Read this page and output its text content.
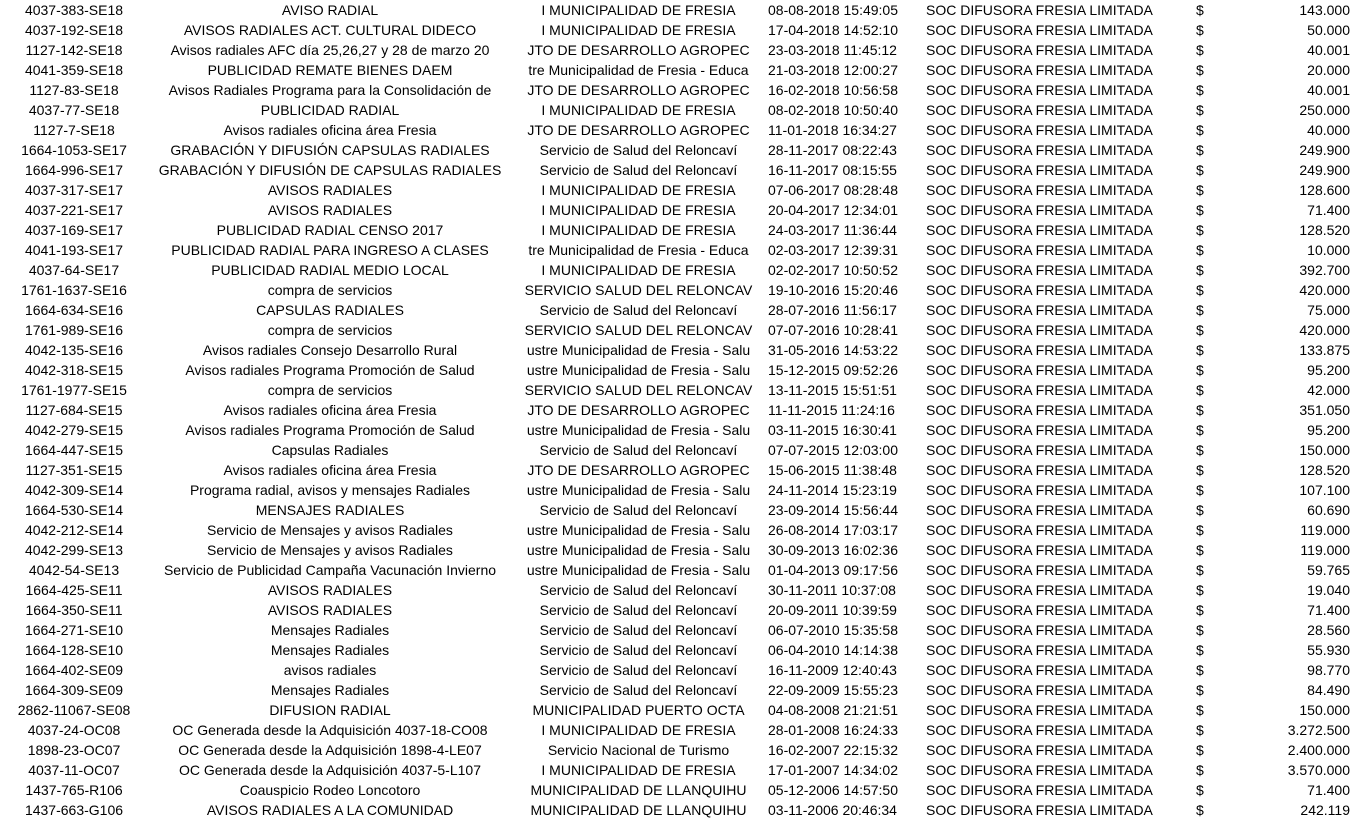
4037-383-SE18	AVISO RADIAL	I MUNICIPALIDAD DE FRESIA	08-08-2018 15:49:05	SOC DIFUSORA FRESIA LIMITADA	$	143.000
4037-192-SE18	AVISOS RADIALES ACT. CULTURAL DIDECO	I MUNICIPALIDAD DE FRESIA	17-04-2018 14:52:10	SOC DIFUSORA FRESIA LIMITADA	$	50.000
1127-142-SE18	Avisos radiales AFC día 25,26,27 y 28 de marzo 20	JTO DE DESARROLLO AGROPEC	23-03-2018 11:45:12	SOC DIFUSORA FRESIA LIMITADA	$	40.001
4041-359-SE18	PUBLICIDAD REMATE BIENES DAEM	tre Municipalidad de Fresia - Educa	21-03-2018 12:00:27	SOC DIFUSORA FRESIA LIMITADA	$	20.000
1127-83-SE18	Avisos Radiales Programa para la Consolidación de	JTO DE DESARROLLO AGROPEC	16-02-2018 10:56:58	SOC DIFUSORA FRESIA LIMITADA	$	40.001
4037-77-SE18	PUBLICIDAD RADIAL	I MUNICIPALIDAD DE FRESIA	08-02-2018 10:50:40	SOC DIFUSORA FRESIA LIMITADA	$	250.000
1127-7-SE18	Avisos radiales oficina área Fresia	JTO DE DESARROLLO AGROPEC	11-01-2018 16:34:27	SOC DIFUSORA FRESIA LIMITADA	$	40.000
1664-1053-SE17	GRABACIÓN Y DIFUSIÓN CAPSULAS RADIALES	Servicio de Salud del Reloncaví	28-11-2017 08:22:43	SOC DIFUSORA FRESIA LIMITADA	$	249.900
1664-996-SE17	GRABACIÓN Y DIFUSIÓN DE CAPSULAS RADIALES	Servicio de Salud del Reloncaví	16-11-2017 08:15:55	SOC DIFUSORA FRESIA LIMITADA	$	249.900
4037-317-SE17	AVISOS RADIALES	I MUNICIPALIDAD DE FRESIA	07-06-2017 08:28:48	SOC DIFUSORA FRESIA LIMITADA	$	128.600
4037-221-SE17	AVISOS RADIALES	I MUNICIPALIDAD DE FRESIA	20-04-2017 12:34:01	SOC DIFUSORA FRESIA LIMITADA	$	71.400
4037-169-SE17	PUBLICIDAD RADIAL CENSO 2017	I MUNICIPALIDAD DE FRESIA	24-03-2017 11:36:44	SOC DIFUSORA FRESIA LIMITADA	$	128.520
4041-193-SE17	PUBLICIDAD RADIAL PARA INGRESO A CLASES	tre Municipalidad de Fresia - Educa	02-03-2017 12:39:31	SOC DIFUSORA FRESIA LIMITADA	$	10.000
4037-64-SE17	PUBLICIDAD RADIAL MEDIO LOCAL	I MUNICIPALIDAD DE FRESIA	02-02-2017 10:50:52	SOC DIFUSORA FRESIA LIMITADA	$	392.700
1761-1637-SE16	compra de servicios	SERVICIO SALUD DEL RELONCAV	19-10-2016 15:20:46	SOC DIFUSORA FRESIA LIMITADA	$	420.000
1664-634-SE16	CAPSULAS RADIALES	Servicio de Salud del Reloncaví	28-07-2016 11:56:17	SOC DIFUSORA FRESIA LIMITADA	$	75.000
1761-989-SE16	compra de servicios	SERVICIO SALUD DEL RELONCAV	07-07-2016 10:28:41	SOC DIFUSORA FRESIA LIMITADA	$	420.000
4042-135-SE16	Avisos radiales Consejo Desarrollo Rural	ustre Municipalidad de Fresia - Salu	31-05-2016 14:53:22	SOC DIFUSORA FRESIA LIMITADA	$	133.875
4042-318-SE15	Avisos radiales Programa Promoción de Salud	ustre Municipalidad de Fresia - Salu	15-12-2015 09:52:26	SOC DIFUSORA FRESIA LIMITADA	$	95.200
1761-1977-SE15	compra de servicios	SERVICIO SALUD DEL RELONCAV	13-11-2015 15:51:51	SOC DIFUSORA FRESIA LIMITADA	$	42.000
1127-684-SE15	Avisos radiales oficina área Fresia	JTO DE DESARROLLO AGROPEC	11-11-2015 11:24:16	SOC DIFUSORA FRESIA LIMITADA	$	351.050
4042-279-SE15	Avisos radiales Programa Promoción de Salud	ustre Municipalidad de Fresia - Salu	03-11-2015 16:30:41	SOC DIFUSORA FRESIA LIMITADA	$	95.200
1664-447-SE15	Capsulas Radiales	Servicio de Salud del Reloncaví	07-07-2015 12:03:00	SOC DIFUSORA FRESIA LIMITADA	$	150.000
1127-351-SE15	Avisos radiales oficina área Fresia	JTO DE DESARROLLO AGROPEC	15-06-2015 11:38:48	SOC DIFUSORA FRESIA LIMITADA	$	128.520
4042-309-SE14	Programa radial, avisos y mensajes Radiales	ustre Municipalidad de Fresia - Salu	24-11-2014 15:23:19	SOC DIFUSORA FRESIA LIMITADA	$	107.100
1664-530-SE14	MENSAJES RADIALES	Servicio de Salud del Reloncaví	23-09-2014 15:56:44	SOC DIFUSORA FRESIA LIMITADA	$	60.690
4042-212-SE14	Servicio de Mensajes y avisos Radiales	ustre Municipalidad de Fresia - Salu	26-08-2014 17:03:17	SOC DIFUSORA FRESIA LIMITADA	$	119.000
4042-299-SE13	Servicio de Mensajes y avisos Radiales	ustre Municipalidad de Fresia - Salu	30-09-2013 16:02:36	SOC DIFUSORA FRESIA LIMITADA	$	119.000
4042-54-SE13	Servicio de Publicidad Campaña Vacunación Invierno	ustre Municipalidad de Fresia - Salu	01-04-2013 09:17:56	SOC DIFUSORA FRESIA LIMITADA	$	59.765
1664-425-SE11	AVISOS RADIALES	Servicio de Salud del Reloncaví	30-11-2011 10:37:08	SOC DIFUSORA FRESIA LIMITADA	$	19.040
1664-350-SE11	AVISOS RADIALES	Servicio de Salud del Reloncaví	20-09-2011 10:39:59	SOC DIFUSORA FRESIA LIMITADA	$	71.400
1664-271-SE10	Mensajes Radiales	Servicio de Salud del Reloncaví	06-07-2010 15:35:58	SOC DIFUSORA FRESIA LIMITADA	$	28.560
1664-128-SE10	Mensajes Radiales	Servicio de Salud del Reloncaví	06-04-2010 14:14:38	SOC DIFUSORA FRESIA LIMITADA	$	55.930
1664-402-SE09	avisos radiales	Servicio de Salud del Reloncaví	16-11-2009 12:40:43	SOC DIFUSORA FRESIA LIMITADA	$	98.770
1664-309-SE09	Mensajes Radiales	Servicio de Salud del Reloncaví	22-09-2009 15:55:23	SOC DIFUSORA FRESIA LIMITADA	$	84.490
2862-11067-SE08	DIFUSION RADIAL	MUNICIPALIDAD PUERTO OCTA	04-08-2008 21:21:51	SOC DIFUSORA FRESIA LIMITADA	$	150.000
4037-24-OC08	OC Generada desde la Adquisición 4037-18-CO08	I MUNICIPALIDAD DE FRESIA	28-01-2008 16:24:33	SOC DIFUSORA FRESIA LIMITADA	$	3.272.500
1898-23-OC07	OC Generada desde la Adquisición 1898-4-LE07	Servicio Nacional de Turismo	16-02-2007 22:15:32	SOC DIFUSORA FRESIA LIMITADA	$	2.400.000
4037-11-OC07	OC Generada desde la Adquisición 4037-5-L107	I MUNICIPALIDAD DE FRESIA	17-01-2007 14:34:02	SOC DIFUSORA FRESIA LIMITADA	$	3.570.000
1437-765-R106	Coauspicio Rodeo Loncotoro	MUNICIPALIDAD DE LLANQUIHU	05-12-2006 14:57:50	SOC DIFUSORA FRESIA LIMITADA	$	71.400
1437-663-G106	AVISOS RADIALES A LA COMUNIDAD	MUNICIPALIDAD DE LLANQUIHU	03-11-2006 20:46:34	SOC DIFUSORA FRESIA LIMITADA	$	242.119
